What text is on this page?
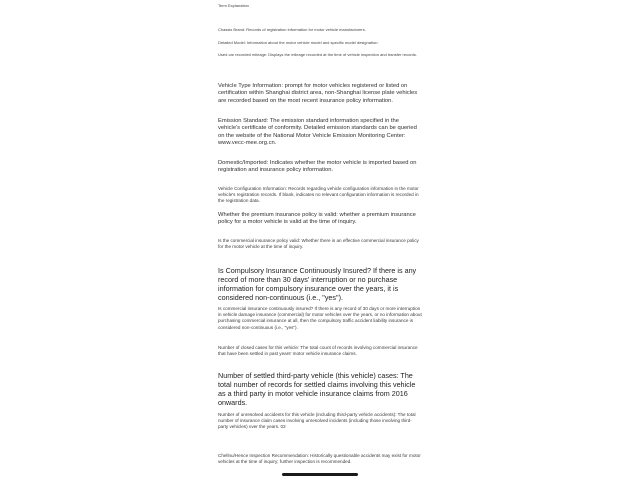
Term Explanation

Chassis Brand: Records of registration information for motor vehicle manufacturers.

Detailed Model: Information about the motor vehicle model and specific model designation.

Used car recorded mileage: Displays the mileage recorded at the time of vehicle inspection and transfer records.

Vehicle Type Information: prompt for motor vehicles registered or listed on certification within Shanghai district area, non-Shanghai license plate vehicles are recorded based on the most recent insurance policy information.

Emission Standard: The emission standard information specified in the vehicle's certificate of conformity. Detailed emission standards can be queried on the website of the National Motor Vehicle Emission Monitoring Center: www.vecc-mee.org.cn.

Domestic/Imported: Indicates whether the motor vehicle is imported based on registration and insurance policy information.

Vehicle Configuration Information: Records regarding vehicle configuration information in the motor vehicle's registration records. If blank, indicates no relevant configuration information is recorded in the registration data.

Whether the premium insurance policy is valid: whether a premium insurance policy for a motor vehicle is valid at the time of inquiry.

Is the commercial insurance policy valid: Whether there is an effective commercial insurance policy for the motor vehicle at the time of inquiry.

Is Compulsory Insurance Continuously Insured? If there is any record of more than 30 days' interruption or no purchase information for compulsory insurance over the years, it is considered non-continuous (i.e., "yes").

Is commercial insurance continuously insured? If there is any record of 30 days or more interruption in vehicle damage insurance (commercial) for motor vehicles over the years, or no information about purchasing commercial insurance at all, then the compulsory traffic accident liability insurance is considered non-continuous (i.e., "yes").

Number of closed cases for this vehicle: The total count of records involving commercial insurance that have been settled in past years' motor vehicle insurance claims.

Number of settled third-party vehicle (this vehicle) cases: The total number of records for settled claims involving this vehicle as a third party in motor vehicle insurance claims from 2016 onwards.

Number of unresolved accidents for this vehicle (including third-party vehicle accidents): The total number of insurance claim cases involving unresolved incidents (including those involving third-party vehicles) over the years. 02

Chellnu/Hence Inspection Recommendation: Historically questionable accidents may exist for motor vehicles at the time of inquiry; further inspection is recommended.
